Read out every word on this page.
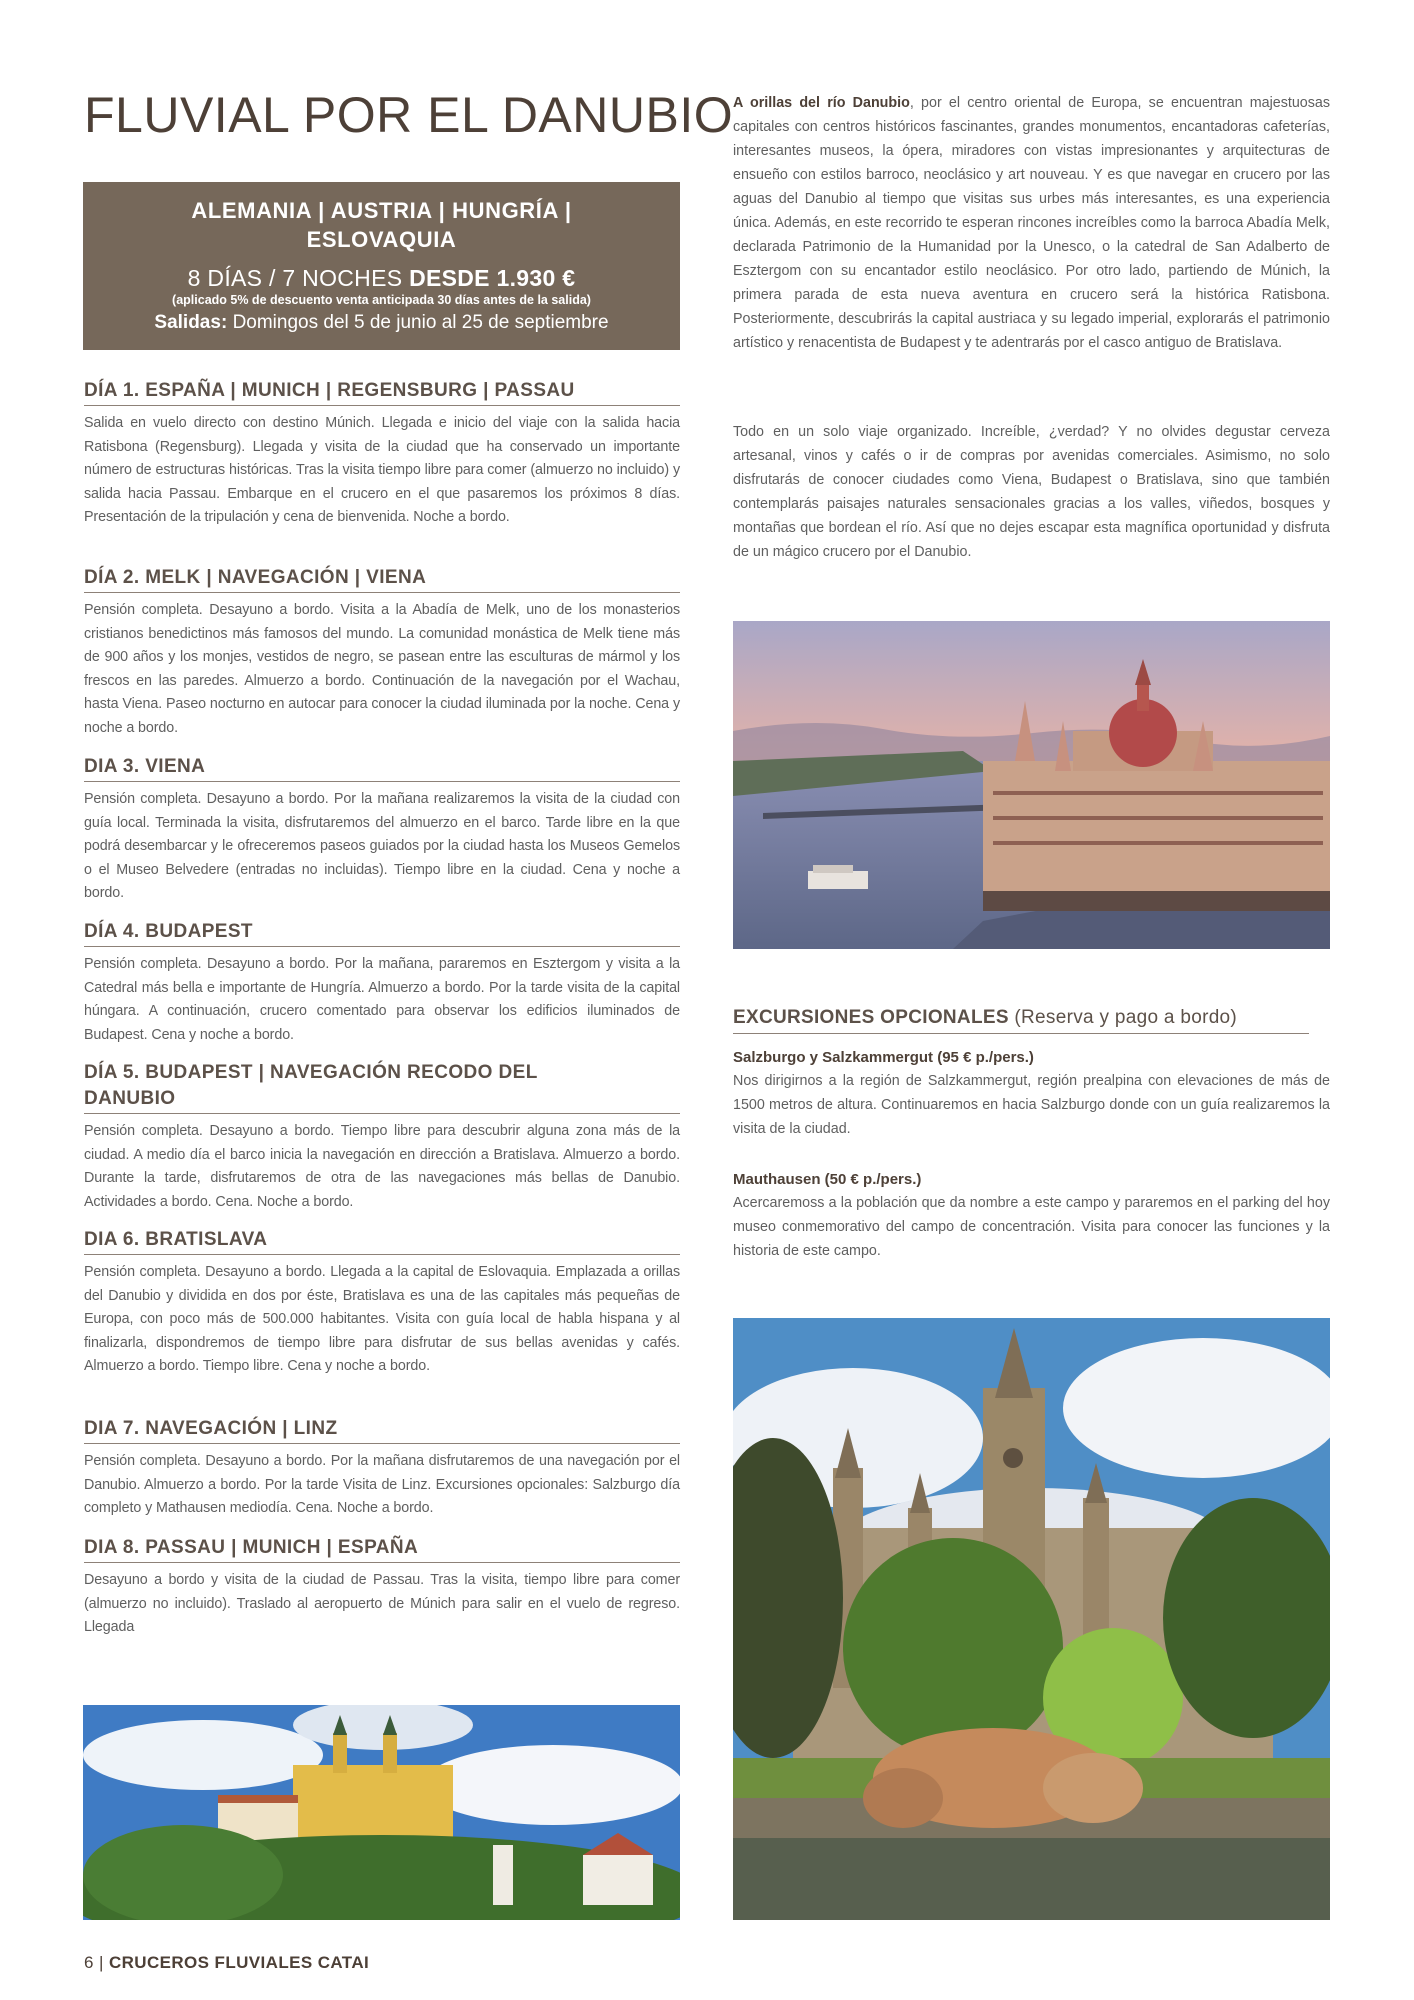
FLUVIAL POR EL DANUBIO
ALEMANIA | AUSTRIA | HUNGRÍA |
ESLOVAQUIA
8 DÍAS / 7 NOCHES DESDE 1.930 €
(aplicado 5% de descuento venta anticipada 30 días antes de la salida)
Salidas: Domingos del 5 de junio al 25 de septiembre
DÍA 1. ESPAÑA | MUNICH | REGENSBURG | PASSAU

Salida en vuelo directo con destino Múnich. Llegada e inicio del viaje con la salida hacia Ratisbona (Regensburg). Llegada y visita de la ciudad que ha conservado un importante número de estructuras históricas. Tras la visita tiempo libre para comer (almuerzo no incluido) y salida hacia Passau. Embarque en el crucero en el que pasaremos los próximos 8 días. Presentación de la tripulación y cena de bienvenida. Noche a bordo.

DÍA 2. MELK | NAVEGACIÓN | VIENA

Pensión completa. Desayuno a bordo. Visita a la Abadía de Melk, uno de los monasterios cristianos benedictinos más famosos del mundo. La comunidad monástica de Melk tiene más de 900 años y los monjes, vestidos de negro, se pasean entre las esculturas de mármol y los frescos en las paredes. Almuerzo a bordo. Continuación de la navegación por el Wachau, hasta Viena. Paseo nocturno en autocar para conocer la ciudad iluminada por la noche. Cena y noche a bordo.

DIA 3. VIENA

Pensión completa. Desayuno a bordo. Por la mañana realizaremos la visita de la ciudad con guía local. Terminada la visita, disfrutaremos del almuerzo en el barco. Tarde libre en la que podrá desembarcar y le ofreceremos paseos guiados por la ciudad hasta los Museos Gemelos o el Museo Belvedere (entradas no incluidas). Tiempo libre en la ciudad. Cena y noche a bordo.

DÍA 4. BUDAPEST

Pensión completa. Desayuno a bordo. Por la mañana, pararemos en Esztergom y visita a la Catedral más bella e importante de Hungría. Almuerzo a bordo. Por la tarde visita de la capital húngara. A continuación, crucero comentado para observar los edificios iluminados de Budapest. Cena y noche a bordo.

DÍA 5. BUDAPEST | NAVEGACIÓN RECODO DEL DANUBIO

Pensión completa. Desayuno a bordo. Tiempo libre para descubrir alguna zona más de la ciudad. A medio día el barco inicia la navegación en dirección a Bratislava. Almuerzo a bordo. Durante la tarde, disfrutaremos de otra de las navegaciones más bellas de Danubio. Actividades a bordo. Cena. Noche a bordo.

DIA 6. BRATISLAVA

Pensión completa. Desayuno a bordo. Llegada a la capital de Eslovaquia. Emplazada a orillas del Danubio y dividida en dos por éste, Bratislava es una de las capitales más pequeñas de Europa, con poco más de 500.000 habitantes. Visita con guía local de habla hispana y al finalizarla, dispondremos de tiempo libre para disfrutar de sus bellas avenidas y cafés. Almuerzo a bordo. Tiempo libre. Cena y noche a bordo.

DIA 7. NAVEGACIÓN | LINZ

Pensión completa. Desayuno a bordo. Por la mañana disfrutaremos de una navegación por el Danubio. Almuerzo a bordo. Por la tarde Visita de Linz. Excursiones opcionales: Salzburgo día completo y Mathausen mediodía. Cena. Noche a bordo.

DIA 8. PASSAU | MUNICH | ESPAÑA

Desayuno a bordo y visita de la ciudad de Passau. Tras la visita, tiempo libre para comer (almuerzo no incluido). Traslado al aeropuerto de Múnich para salir en el vuelo de regreso. Llegada

A orillas del río Danubio, por el centro oriental de Europa, se encuentran majestuosas capitales con centros históricos fascinantes, grandes monumentos, encantadoras cafeterías, interesantes museos, la ópera, miradores con vistas impresionantes y arquitecturas de ensueño con estilos barroco, neoclásico y art nouveau. Y es que navegar en crucero por las aguas del Danubio al tiempo que visitas sus urbes más interesantes, es una experiencia única. Además, en este recorrido te esperan rincones increíbles como la barroca Abadía Melk, declarada Patrimonio de la Humanidad por la Unesco, o la catedral de San Adalberto de Esztergom con su encantador estilo neoclásico. Por otro lado, partiendo de Múnich, la primera parada de esta nueva aventura en crucero será la histórica Ratisbona. Posteriormente, descubrirás la capital austriaca y su legado imperial, explorarás el patrimonio artístico y renacentista de Budapest y te adentrarás por el casco antiguo de Bratislava.

Todo en un solo viaje organizado. Increíble, ¿verdad? Y no olvides degustar cerveza artesanal, vinos y cafés o ir de compras por avenidas comerciales. Asimismo, no solo disfrutarás de conocer ciudades como Viena, Budapest o Bratislava, sino que también contemplarás paisajes naturales sensacionales gracias a los valles, viñedos, bosques y montañas que bordean el río. Así que no dejes escapar esta magnífica oportunidad y disfruta de un mágico crucero por el Danubio.

EXCURSIONES OPCIONALES (Reserva y pago a bordo)
Salzburgo y Salzkammergut (95 € p./pers.)

Nos dirigirnos a la región de Salzkammergut, región prealpina con elevaciones de más de 1500 metros de altura. Continuaremos en hacia Salzburgo donde con un guía realizaremos la visita de la ciudad.

Mauthausen (50 € p./pers.)

Acercaremoss a la población que da nombre a este campo y pararemos en el parking del hoy museo conmemorativo del campo de concentración. Visita para conocer las funciones y la historia de este campo.

6 | CRUCEROS FLUVIALES CATAI
